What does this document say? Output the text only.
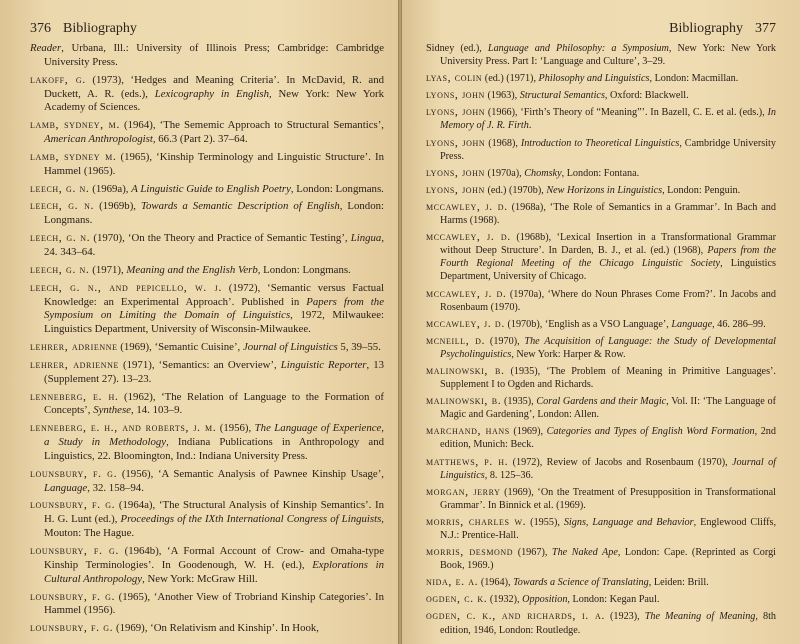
376 Bibliography

Reader, Urbana, Ill.: University of Illinois Press; Cambridge: Cambridge University Press.

lakoff, g. (1973), ‘Hedges and Meaning Criteria’. In McDavid, R. and Duckett, A. R. (eds.), Lexicography in English, New York: New York Academy of Sciences.

lamb, sydney, m. (1964), ‘The Sememic Approach to Structural Semantics’, American Anthropologist, 66.3 (Part 2). 37–64.

lamb, sydney m. (1965), ‘Kinship Terminology and Linguistic Structure’. In Hammel (1965).

leech, g. n. (1969a), A Linguistic Guide to English Poetry, London: Longmans.

leech, g. n. (1969b), Towards a Semantic Description of English, London: Longmans.

leech, g. n. (1970), ‘On the Theory and Practice of Semantic Testing’, Lingua, 24. 343–64.

leech, g. n. (1971), Meaning and the English Verb, London: Longmans.

leech, g. n., and pepicello, w. j. (1972), ‘Semantic versus Factual Knowledge: an Experimental Approach’. Published in Papers from the Symposium on Limiting the Domain of Linguistics, 1972, Milwaukee: Linguistics Department, University of Wisconsin-Milwaukee.

lehrer, adrienne (1969), ‘Semantic Cuisine’, Journal of Linguistics 5, 39–55.

lehrer, adrienne (1971), ‘Semantics: an Overview’, Linguistic Reporter, 13 (Supplement 27). 13–23.

lenneberg, e. h. (1962), ‘The Relation of Language to the Formation of Concepts’, Synthese, 14. 103–9.

lenneberg, e. h., and roberts, j. m. (1956), The Language of Experience, a Study in Methodology, Indiana Publications in Anthropology and Linguistics, 22. Bloomington, Ind.: Indiana University Press.

lounsbury, f. g. (1956), ‘A Semantic Analysis of Pawnee Kinship Usage’, Language, 32. 158–94.

lounsbury, f. g. (1964a), ‘The Structural Analysis of Kinship Semantics’. In H. G. Lunt (ed.), Proceedings of the IXth International Congress of Linguists, Mouton: The Hague.

lounsbury, f. g. (1964b), ‘A Formal Account of Crow- and Omaha-type Kinship Terminologies’. In Goodenough, W. H. (ed.), Explorations in Cultural Anthropology, New York: McGraw Hill.

lounsbury, f. g. (1965), ‘Another View of Trobriand Kinship Categories’. In Hammel (1956).

lounsbury, f. g. (1969), ‘On Relativism and Kinship’. In Hook,

Bibliography 377

Sidney (ed.), Language and Philosophy: a Symposium, New York: New York University Press. Part I: ‘Language and Culture’, 3–29.

lyas, colin (ed.) (1971), Philosophy and Linguistics, London: Macmillan.

lyons, john (1963), Structural Semantics, Oxford: Blackwell.

lyons, john (1966), ‘Firth’s Theory of “Meaning”’. In Bazell, C. E. et al. (eds.), In Memory of J. R. Firth.

lyons, john (1968), Introduction to Theoretical Linguistics, Cambridge University Press.

lyons, john (1970a), Chomsky, London: Fontana.

lyons, john (ed.) (1970b), New Horizons in Linguistics, London: Penguin.

mccawley, j. d. (1968a), ‘The Role of Semantics in a Grammar’. In Bach and Harms (1968).

mccawley, j. d. (1968b), ‘Lexical Insertion in a Transformational Grammar without Deep Structure’. In Darden, B. J., et al. (ed.) (1968), Papers from the Fourth Regional Meeting of the Chicago Linguistic Society, Linguistics Department, University of Chicago.

mccawley, j. d. (1970a), ‘Where do Noun Phrases Come From?’. In Jacobs and Rosenbaum (1970).

mccawley, j. d. (1970b), ‘English as a VSO Language’, Language, 46. 286–99.

mcneill, d. (1970), The Acquisition of Language: the Study of Developmental Psycholinguistics, New York: Harper & Row.

malinowski, b. (1935), ‘The Problem of Meaning in Primitive Languages’. Supplement I to Ogden and Richards.

malinowski, b. (1935), Coral Gardens and their Magic, Vol. II: ‘The Language of Magic and Gardening’, London: Allen.

marchand, hans (1969), Categories and Types of English Word Formation, 2nd edition, Munich: Beck.

matthews, p. h. (1972), Review of Jacobs and Rosenbaum (1970), Journal of Linguistics, 8. 125–36.

morgan, jerry (1969), ‘On the Treatment of Presupposition in Transformational Grammar’. In Binnick et al. (1969).

morris, charles w. (1955), Signs, Language and Behavior, Englewood Cliffs, N.J.: Prentice-Hall.

morris, desmond (1967), The Naked Ape, London: Cape. (Reprinted as Corgi Book, 1969.)

nida, e. a. (1964), Towards a Science of Translating, Leiden: Brill.

ogden, c. k. (1932), Opposition, London: Kegan Paul.

ogden, c. k., and richards, i. a. (1923), The Meaning of Meaning, 8th edition, 1946, London: Routledge.
